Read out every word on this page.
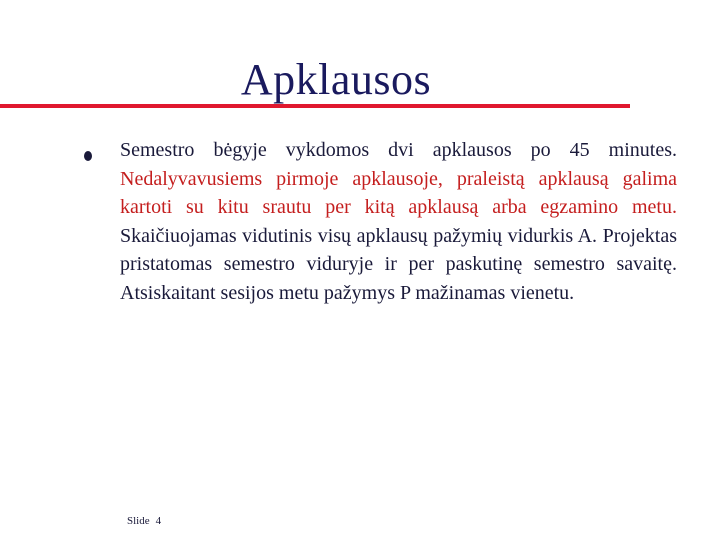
Apklausos
Semestro bėgyje vykdomos dvi apklausos po 45 minutes. Nedalyvavusiems pirmoje apklausoje, praleistą apklausą galima kartoti su kitu srautu per kitą apklausą arba egzamino metu. Skaičiuojamas vidutinis visų apklausų pažymių vidurkis A. Projektas pristatomas semestro viduryje ir per paskutinę semestro savaitę. Atsiskaitant sesijos metu pažymys P mažinamas vienetu.
Slide 4
